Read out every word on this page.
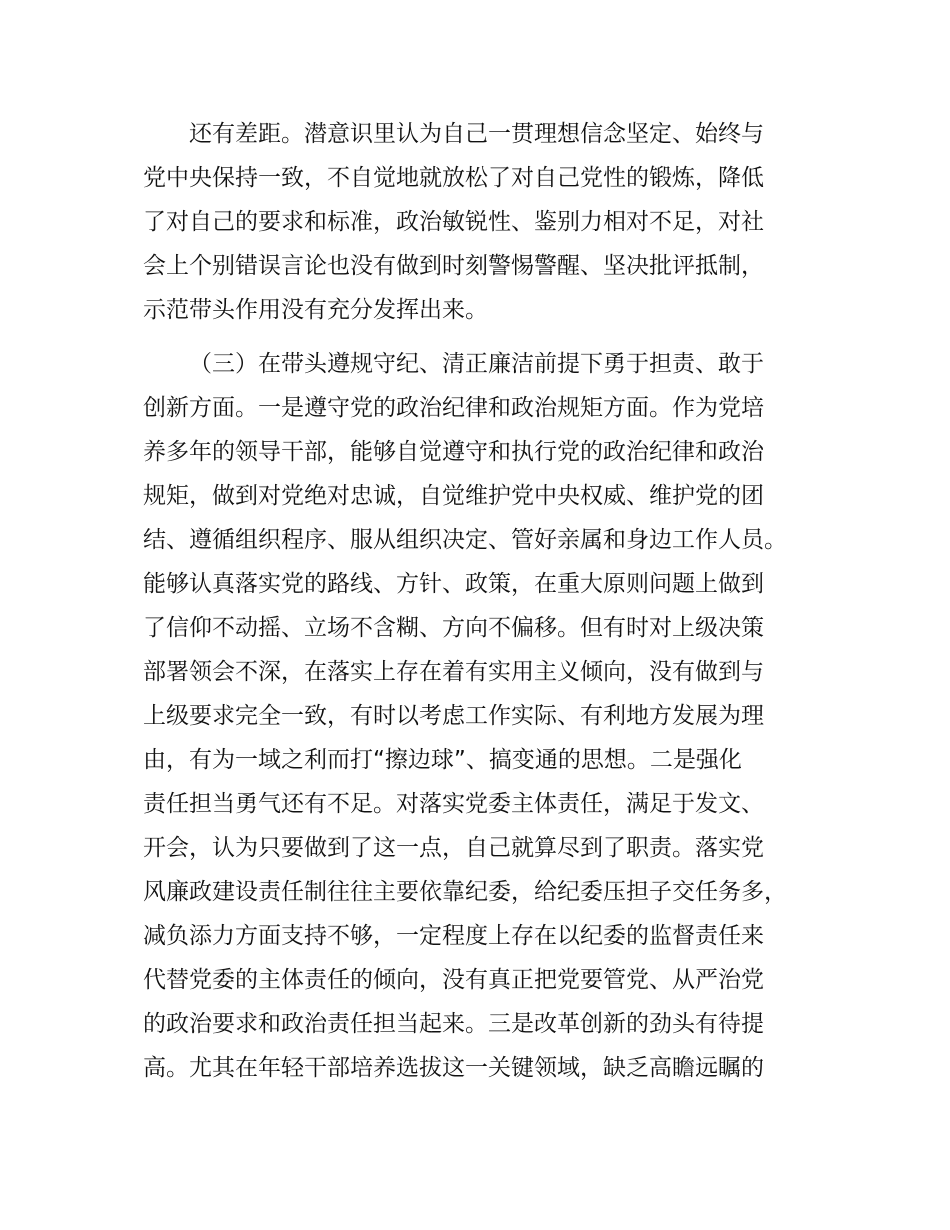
还有差距。潜意识里认为自己一贯理想信念坚定、始终与

党中央保持一致，不自觉地就放松了对自己党性的锻炼，降低

了对自己的要求和标准，政治敏锐性、鉴别力相对不足，对社

会上个别错误言论也没有做到时刻警惕警醒、坚决批评抵制，

示范带头作用没有充分发挥出来。

（三）在带头遵规守纪、清正廉洁前提下勇于担责、敢于

创新方面。一是遵守党的政治纪律和政治规矩方面。作为党培

养多年的领导干部，能够自觉遵守和执行党的政治纪律和政治

规矩，做到对党绝对忠诚，自觉维护党中央权威、维护党的团

结、遵循组织程序、服从组织决定、管好亲属和身边工作人员。

能够认真落实党的路线、方针、政策，在重大原则问题上做到

了信仰不动摇、立场不含糊、方向不偏移。但有时对上级决策

部署领会不深，在落实上存在着有实用主义倾向，没有做到与

上级要求完全一致，有时以考虑工作实际、有利地方发展为理

由，有为一域之利而打“擦边球”、搞变通的思想。二是强化

责任担当勇气还有不足。对落实党委主体责任，满足于发文、

开会，认为只要做到了这一点，自己就算尽到了职责。落实党

风廉政建设责任制往往主要依靠纪委，给纪委压担子交任务多，

减负添力方面支持不够，一定程度上存在以纪委的监督责任来

代替党委的主体责任的倾向，没有真正把党要管党、从严治党

的政治要求和政治责任担当起来。三是改革创新的劲头有待提

高。尤其在年轻干部培养选拔这一关键领域，缺乏高瞻远瞩的
